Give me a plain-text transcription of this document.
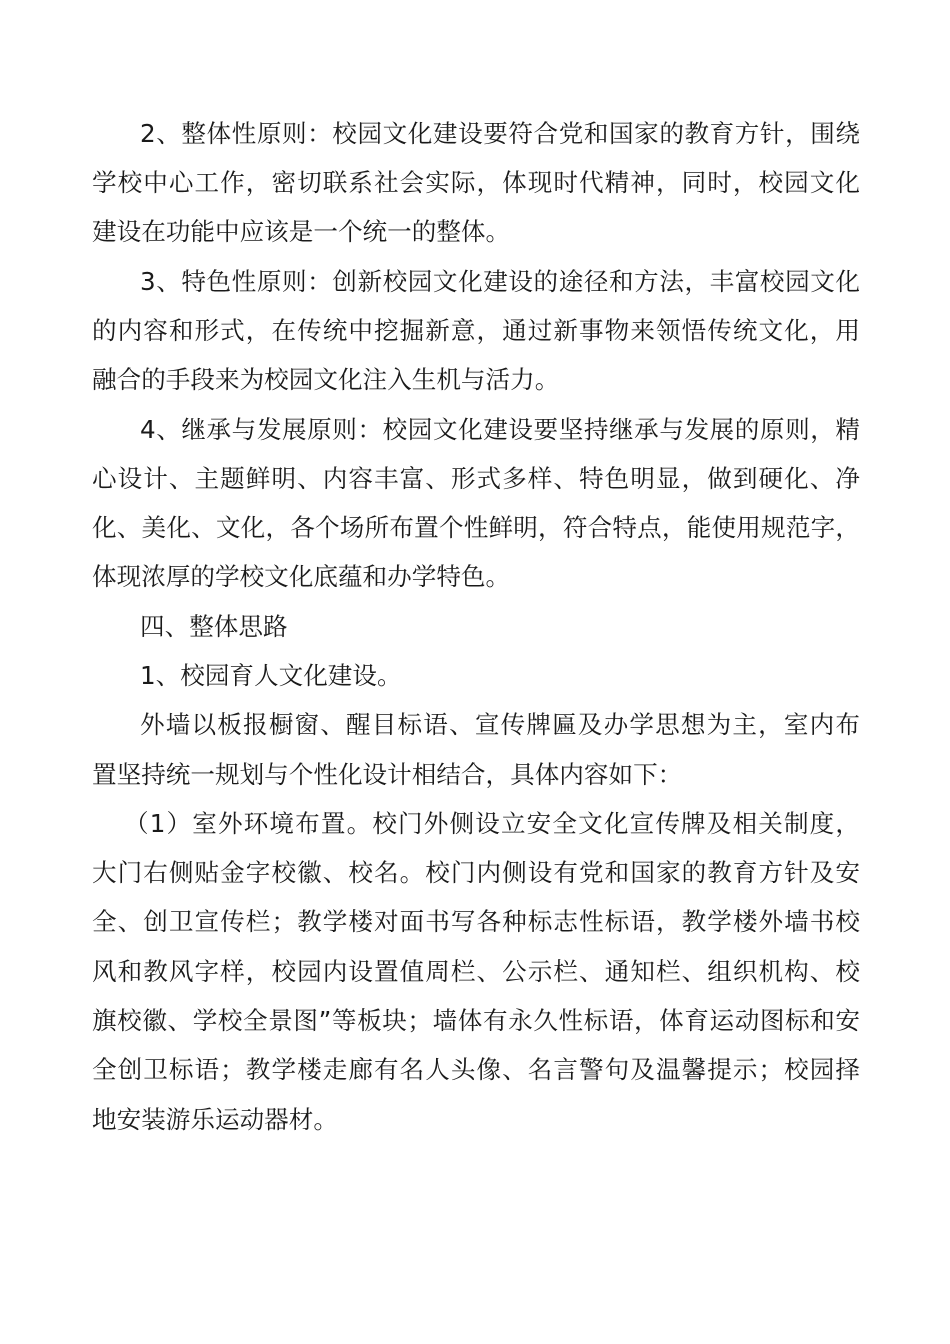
2、整体性原则：校园文化建设要符合党和国家的教育方针，围绕
学校中心工作，密切联系社会实际，体现时代精神，同时，校园文化
建设在功能中应该是一个统一的整体。
3、特色性原则：创新校园文化建设的途径和方法，丰富校园文化
的内容和形式，在传统中挖掘新意，通过新事物来领悟传统文化，用
融合的手段来为校园文化注入生机与活力。
4、继承与发展原则：校园文化建设要坚持继承与发展的原则，精
心设计、主题鲜明、内容丰富、形式多样、特色明显，做到硬化、净
化、美化、文化，各个场所布置个性鲜明，符合特点，能使用规范字，
体现浓厚的学校文化底蕴和办学特色。
四、整体思路
1、校园育人文化建设。
外墙以板报橱窗、醒目标语、宣传牌匾及办学思想为主，室内布
置坚持统一规划与个性化设计相结合，具体内容如下：
（1）室外环境布置。校门外侧设立安全文化宣传牌及相关制度，
大门右侧贴金字校徽、校名。校门内侧设有党和国家的教育方针及安
全、创卫宣传栏；教学楼对面书写各种标志性标语，教学楼外墙书校
风和教风字样，校园内设置值周栏、公示栏、通知栏、组织机构、校
旗校徽、学校全景图”等板块；墙体有永久性标语，体育运动图标和安
全创卫标语；教学楼走廊有名人头像、名言警句及温馨提示；校园择
地安装游乐运动器材。
